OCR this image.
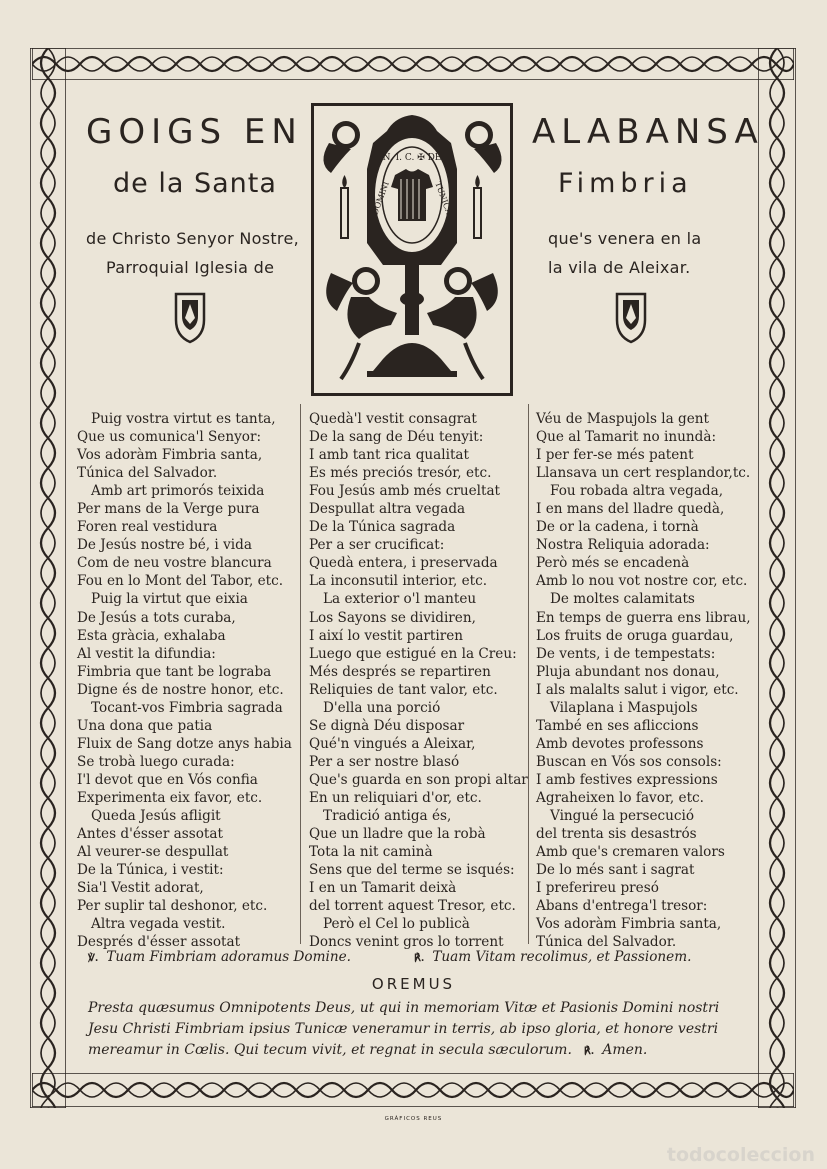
GOIGS EN	ALABANSA
de la Santa	Fimbria
de Christo Senyor Nostre,
Parroquial Iglesia de
que's venera en la
la vila de Aleixar.
N. I. C. ✠ DE
TUNICA
DOMINI
Puig vostra virtut es tanta,
Que us comunica'l Senyor:
Vos adoràm Fimbria santa,
Túnica del Salvador.
Amb art primorós teixida
Per mans de la Verge pura
Foren real vestidura
De Jesús nostre bé, i vida
Com de neu vostre blancura
Fou en lo Mont del Tabor, etc.
Puig la virtut que eixia
De Jesús a tots curaba,
Esta gràcia, exhalaba
Al vestit la difundia:
Fimbria que tant be lograba
Digne és de nostre honor, etc.
Tocant-vos Fimbria sagrada
Una dona que patia
Fluix de Sang dotze anys habia
Se trobà luego curada:
I'l devot que en Vós confia
Experimenta eix favor, etc.
Queda Jesús afligit
Antes d'ésser assotat
Al veurer-se despullat
De la Túnica, i vestit:
Sia'l Vestit adorat,
Per suplir tal deshonor, etc.
Altra vegada vestit.
Després d'ésser assotat
Quedà'l vestit consagrat
De la sang de Déu tenyit:
I amb tant rica qualitat
Es més preciós tresór, etc.
Fou Jesús amb més crueltat
Despullat altra vegada
De la Túnica sagrada
Per a ser crucificat:
Quedà entera, i preservada
La inconsutil interior, etc.
La exterior o'l manteu
Los Sayons se dividiren,
I així lo vestit partiren
Luego que estigué en la Creu:
Més després se repartiren
Reliquies de tant valor, etc.
D'ella una porció
Se dignà Déu disposar
Qué'n vingués a Aleixar,
Per a ser nostre blasó
Que's guarda en son propi altar
En un reliquiari d'or, etc.
Tradició antiga és,
Que un lladre que la robà
Tota la nit caminà
Sens que del terme se isqués:
I en un Tamarit deixà
del torrent aquest Tresor, etc.
Però el Cel lo publicà
Doncs venint gros lo torrent
Véu de Maspujols la gent
Que al Tamarit no inundà:
I per fer-se més patent
Llansava un cert resplandor,tc.
Fou robada altra vegada,
I en mans del lladre quedà,
De or la cadena, i tornà
Nostra Reliquia adorada:
Però més se encadenà
Amb lo nou vot nostre cor, etc.
De moltes calamitats
En temps de guerra ens librau,
Los fruits de oruga guardau,
De vents, i de tempestats:
Pluja abundant nos donau,
I als malalts salut i vigor, etc.
Vilaplana i Maspujols
També en ses afliccions
Amb devotes professons
Buscan en Vós sos consols:
I amb festives expressions
Agraheixen lo favor, etc.
Vingué la persecució
del trenta sis desastrós
Amb que's cremaren valors
De lo més sant i sagrat
I preferireu presó
Abans d'entrega'l tresor:
Vos adoràm Fimbria santa,
Túnica del Salvador.
℣. Tuam Fimbriam adoramus Domine.	℟. Tuam Vitam recolimus, et Passionem.
OREMUS
Presta quæsumus Omnipotents Deus, ut qui in memoriam Vitæ et Pasionis Domini nostri
Jesu Christi Fimbriam ipsius Tunicæ veneramur in terris, ab ipso gloria, et honore vestri
mereamur in Cœlis. Qui tecum vivit, et regnat in secula sæculorum. ℟. Amen.
GRÀFICOS REUS
todocoleccion
